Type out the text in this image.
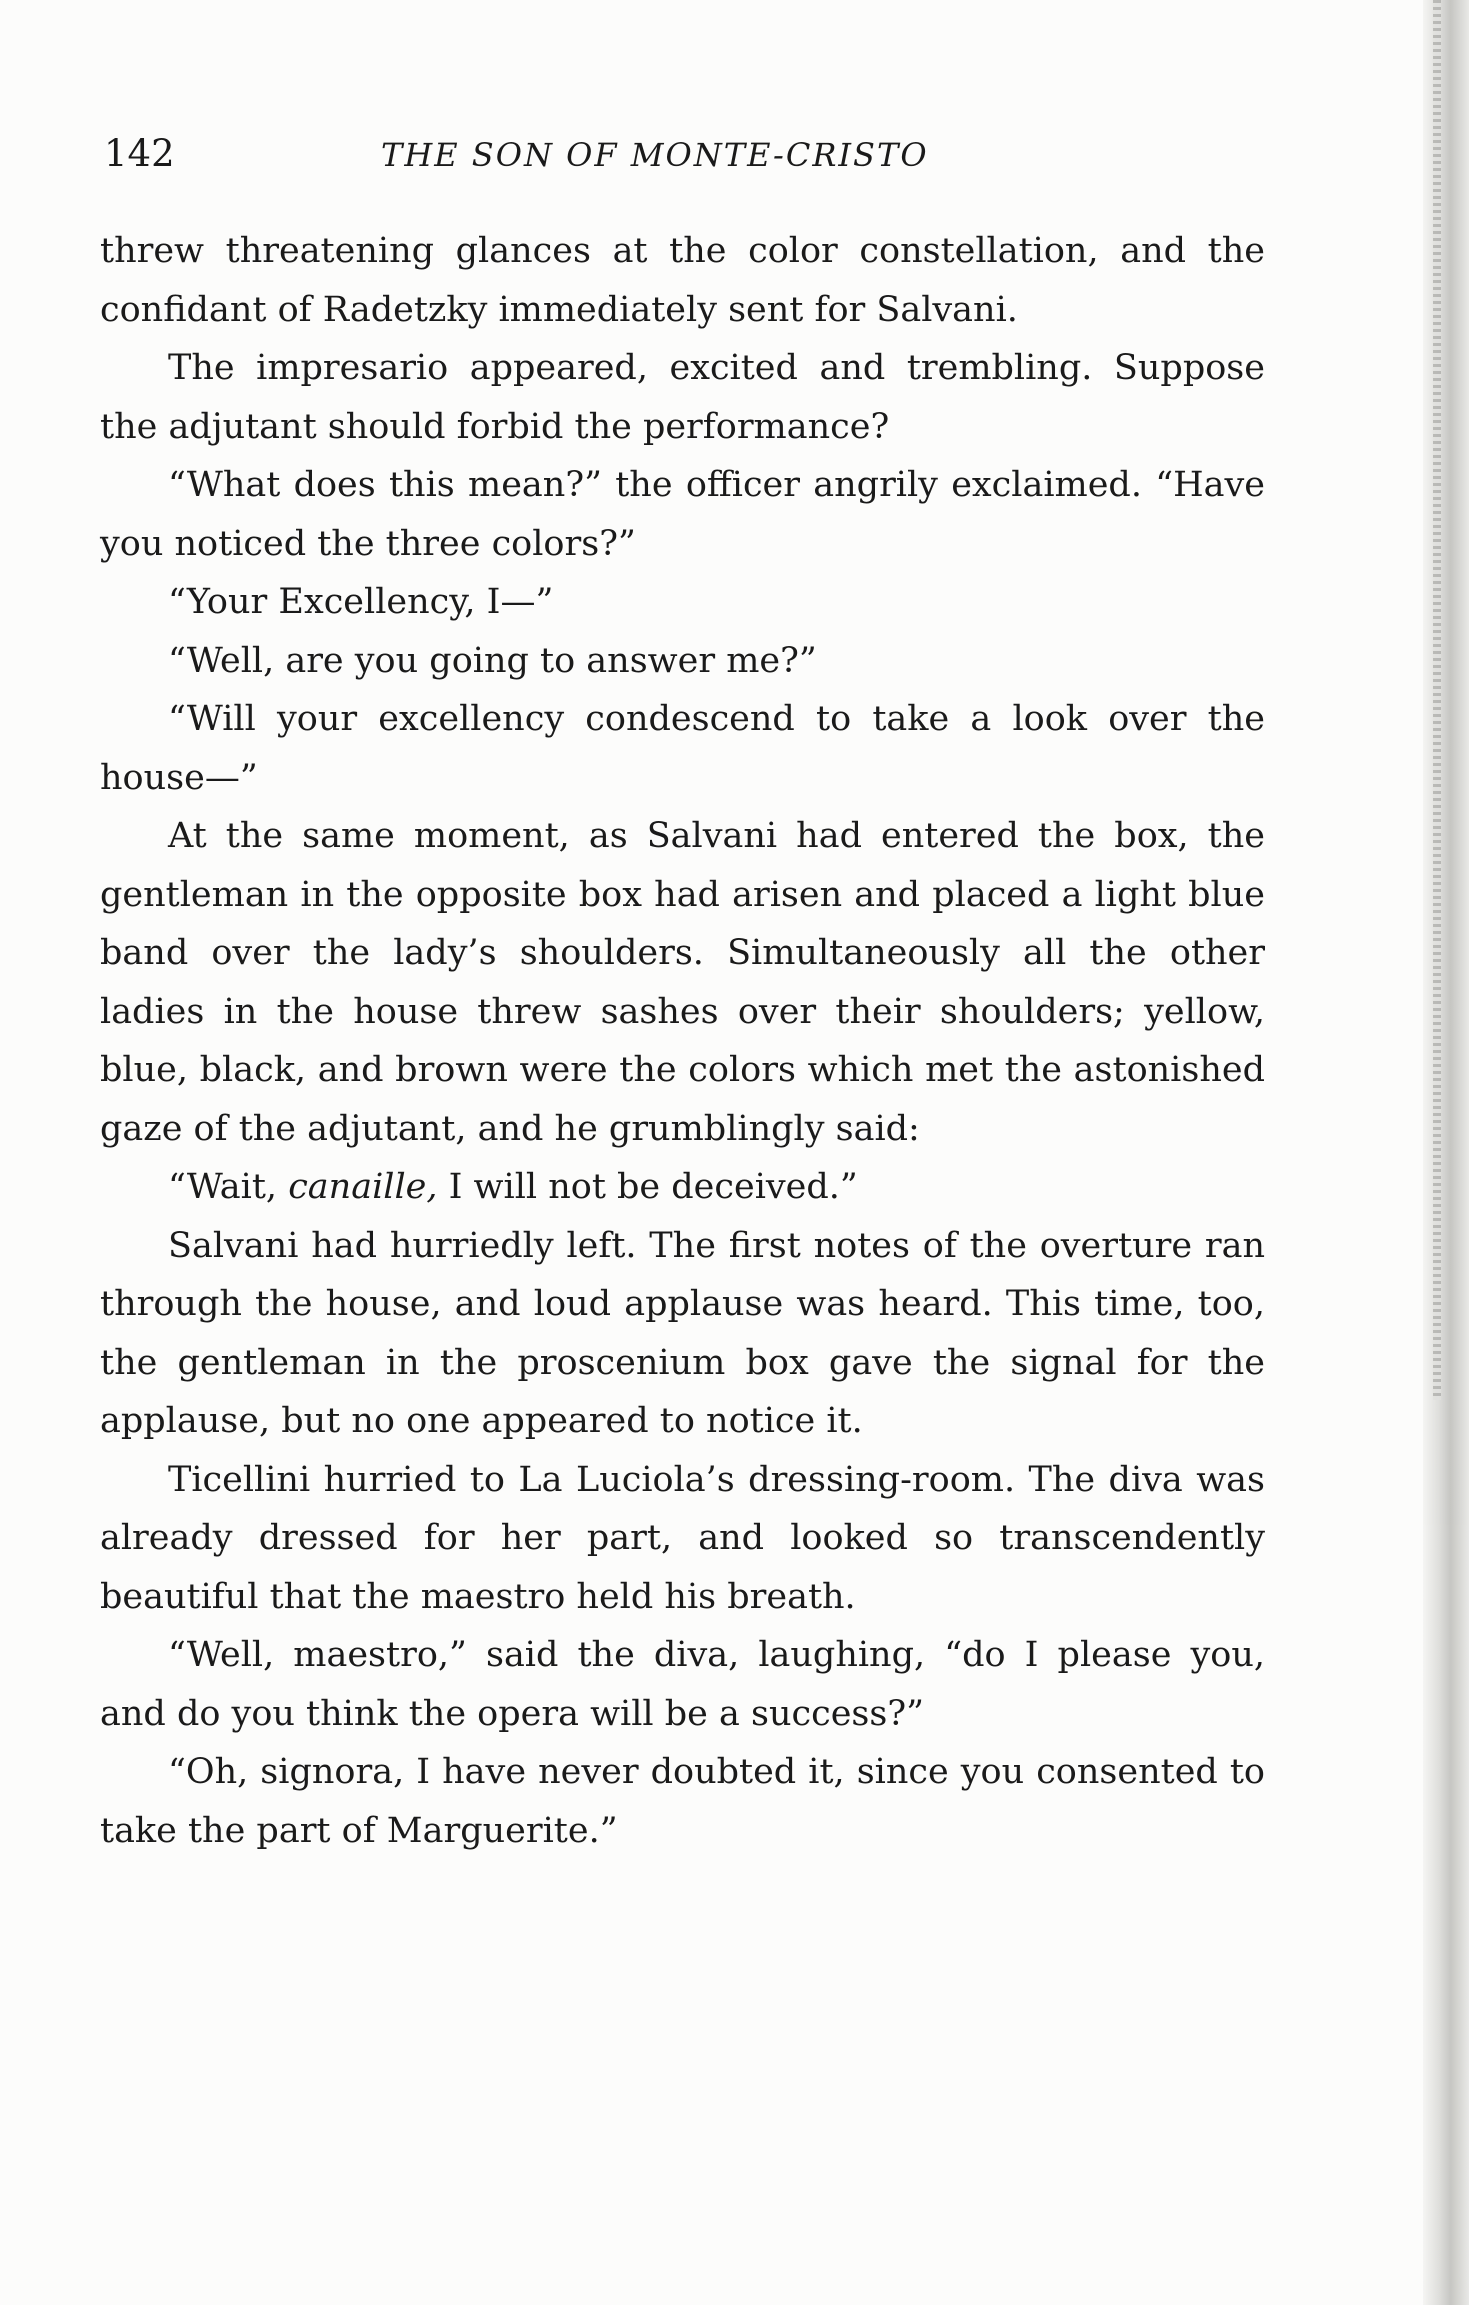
142	THE SON OF MONTE-CRISTO

threw threatening glances at the color constellation, and the confidant of Radetzky immediately sent for Salvani.

The impresario appeared, excited and trembling. Suppose the adjutant should forbid the performance?

“What does this mean?” the officer angrily exclaimed. “Have you noticed the three colors?”

“Your Excellency, I—”

“Well, are you going to answer me?”

“Will your excellency condescend to take a look over the house—”

At the same moment, as Salvani had entered the box, the gentleman in the opposite box had arisen and placed a light blue band over the lady’s shoulders. Simultaneously all the other ladies in the house threw sashes over their shoulders; yellow, blue, black, and brown were the colors which met the astonished gaze of the adjutant, and he grumblingly said:

“Wait, canaille, I will not be deceived.”

Salvani had hurriedly left. The first notes of the overture ran through the house, and loud applause was heard. This time, too, the gentleman in the proscenium box gave the signal for the applause, but no one appeared to notice it.

Ticellini hurried to La Luciola’s dressing-room. The diva was already dressed for her part, and looked so transcendently beautiful that the maestro held his breath.

“Well, maestro,” said the diva, laughing, “do I please you, and do you think the opera will be a success?”

“Oh, signora, I have never doubted it, since you consented to take the part of Marguerite.”
